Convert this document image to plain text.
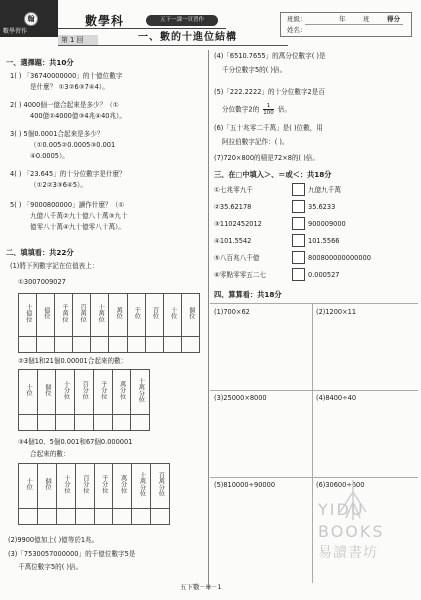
翰
數學習作
數學科	五下一課一頁習作	班級：	年	班	得分
姓名：
第 1 回	一、數的十進位結構
一、選擇題：共10分
1( ) 「36740000000」的十億位數字
是什麼？ ①3②6③7④4）。
2( ) 4000個一億合起來是多少？（①
400億②4000億③4兆④40兆）。
3( ) 5個0.0001合起來是多少？
（①0.005②0.0005③0.001
④0.0005）。
4( ) 「23.645」的十分位數字是什麼？
（①2②3③6④5）。
5( ) 「9000800000」讀作什麼？（①
九億八千萬②九十億八十萬③九十
億零八十萬④九十億零八十萬）。
二、填填看：共22分
(1)將下列數字記在位值表上：
①3007009027
十億位	億位	千萬位	百萬位	十萬位	萬位	千位	百位	十位	個位

②3個1和21個0.00001合起來的數：
十位	個位	十分位	百分位	千分位	萬分位	十萬分位

③4個10、5個0.001和67個0.000001
合起來的數：
十位	個位	十分位	百分位	千分位	萬分位	十萬分位	百萬分位

(2)9900億加上( )億等於1兆。
(3)「7530057000000」的千億位數字5是
千萬位數字5的( )倍。
(4)「6510.7655」的萬分位數字( )是
千分位數字5的( )倍。
(5)「222.2222」的十分位數字2是百
分位數字2的 $\frac{1}{100}$ 倍。
(6)「五十兆零二千萬」是( )位數，用
阿拉伯數字記作：( )。
(7)720×800的積是72×8的( )倍。
三、在□中填入＞、＝或＜：共18分
①七兆零九千	九億九千萬
②35.62178	35.6233
③1102452012	900009000
④101.5542	101.5566
⑤八百兆八千億	800800000000000
⑥零點零零五二七	0.000527
四、算算看：共18分
(1)700×62	(2)1200×11
(3)25000×8000	(4)8400÷40
(5)810000÷90000	(6)30600÷600
YIDU
BOOKS
易讀書坊
五下數－H－1
